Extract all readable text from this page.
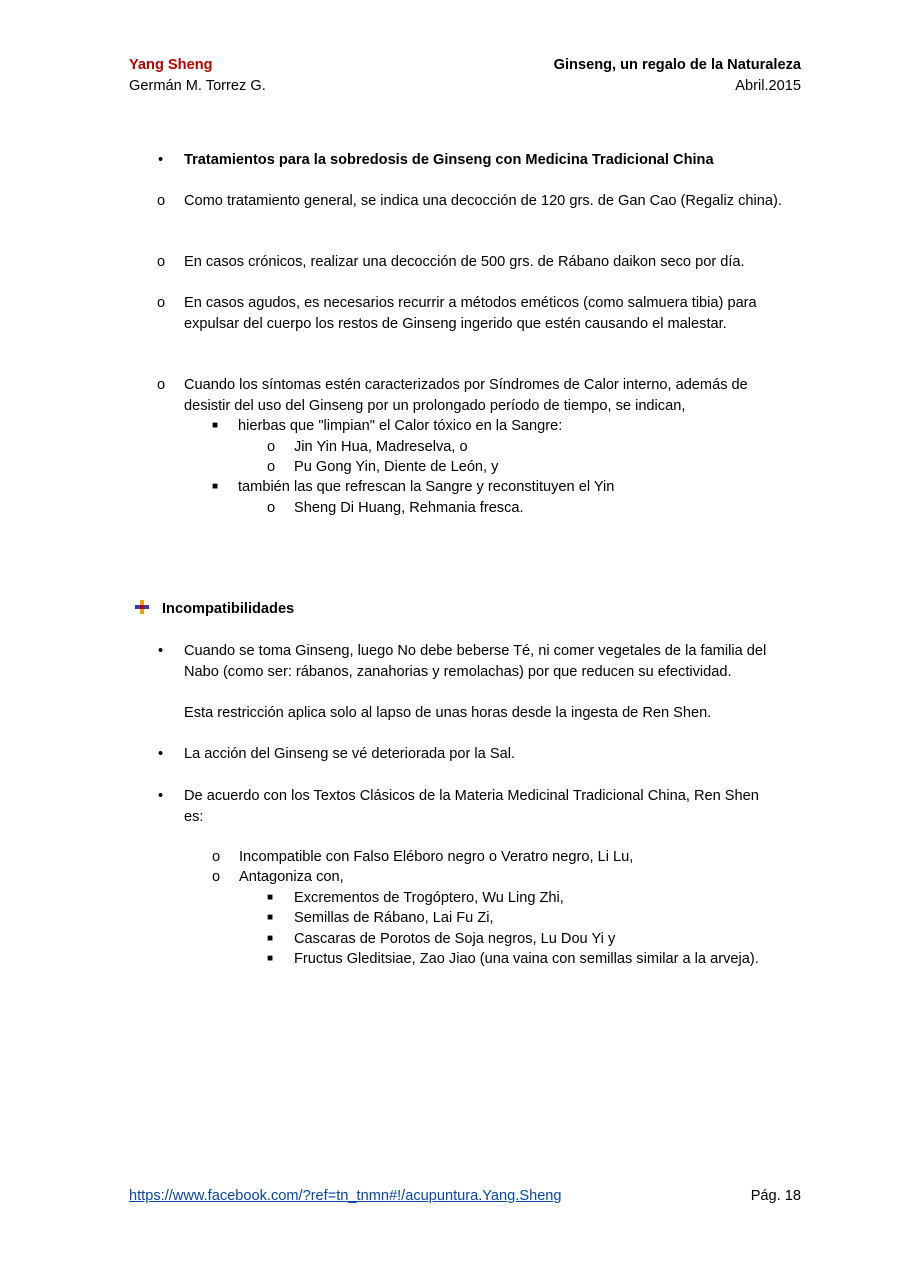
Yang Sheng
Germán M. Torrez G.
Ginseng, un regalo de la Naturaleza
Abril.2015
• Tratamientos para la sobredosis de Ginseng con Medicina Tradicional China
o Como tratamiento general, se indica una decocción de 120 grs. de Gan Cao (Regaliz china).
o En casos crónicos, realizar una decocción de 500 grs. de Rábano daikon seco por día.
o En casos agudos, es necesarios recurrir a métodos eméticos (como salmuera tibia) para expulsar del cuerpo los restos de Ginseng ingerido que estén causando el malestar.
o Cuando los síntomas estén caracterizados por Síndromes de Calor interno, además de desistir del uso del Ginseng por un prolongado período de tiempo, se indican,
■ hierbas que "limpian" el Calor tóxico en la Sangre:
o Jin Yin Hua, Madreselva, o
o Pu Gong Yin, Diente de León, y
■ también las que refrescan la Sangre y reconstituyen el Yin
o Sheng Di Huang, Rehmania fresca.
Incompatibilidades
• Cuando se toma Ginseng, luego No debe beberse Té, ni comer vegetales de la familia del Nabo (como ser: rábanos, zanahorias y remolachas) por que reducen su efectividad.
Esta restricción aplica solo al lapso de unas horas desde la ingesta de Ren Shen.
• La acción del Ginseng se vé deteriorada por la Sal.
• De acuerdo con los Textos Clásicos de la Materia Medicinal Tradicional China, Ren Shen es:
o Incompatible con Falso Eléboro negro o Veratro negro, Li Lu,
o Antagoniza con,
■ Excrementos de Trogóptero, Wu Ling Zhi,
■ Semillas de Rábano, Lai Fu Zi,
■ Cascaras de Porotos de Soja negros, Lu Dou Yi y
■ Fructus Gleditsiae, Zao Jiao (una vaina con semillas similar a la arveja).
https://www.facebook.com/?ref=tn_tnmn#!/acupuntura.Yang.Sheng	Pág. 18
